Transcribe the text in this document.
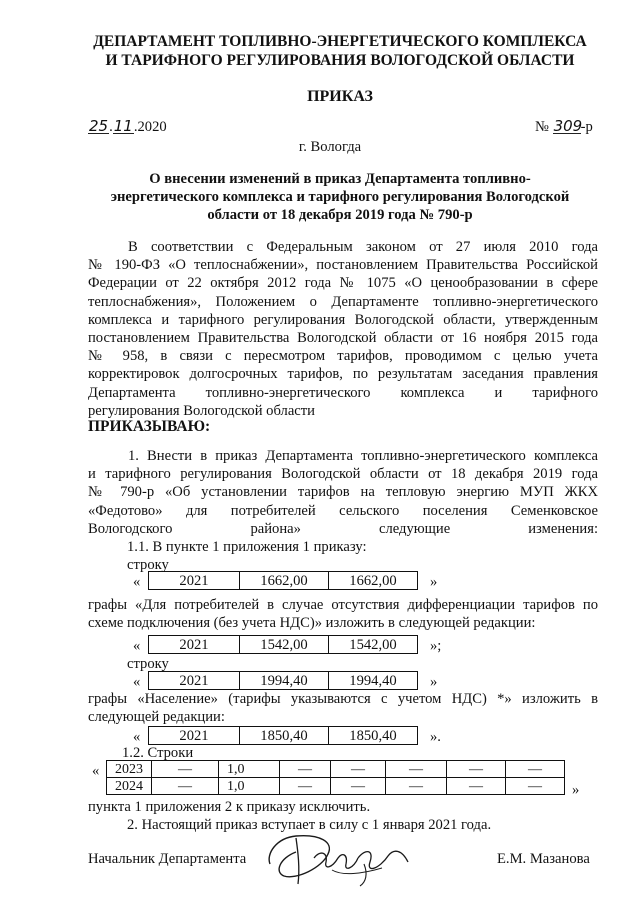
ДЕПАРТАМЕНТ ТОПЛИВНО-ЭНЕРГЕТИЧЕСКОГО КОМПЛЕКСА
И ТАРИФНОГО РЕГУЛИРОВАНИЯ ВОЛОГОДСКОЙ ОБЛАСТИ
ПРИКАЗ
25.11.2020	№ 309-р
г. Вологда
О внесении изменений в приказ Департамента топливно-
энергетического комплекса и тарифного регулирования Вологодской
области от 18 декабря 2019 года № 790-р
В соответствии с Федеральным законом от 27 июля 2010 года
№ 190-ФЗ «О теплоснабжении», постановлением Правительства Российской
Федерации от 22 октября 2012 года № 1075 «О ценообразовании в сфере
теплоснабжения», Положением о Департаменте топливно-энергетического
комплекса и тарифного регулирования Вологодской области, утвержденным
постановлением Правительства Вологодской области от 16 ноября 2015 года
№ 958, в связи с пересмотром тарифов, проводимом с целью учета
корректировок долгосрочных тарифов, по результатам заседания правления
Департамента топливно-энергетического комплекса и тарифного
регулирования Вологодской области
ПРИКАЗЫВАЮ:
1. Внести в приказ Департамента топливно-энергетического комплекса
и тарифного регулирования Вологодской области от 18 декабря 2019 года
№ 790-р «Об установлении тарифов на тепловую энергию МУП ЖКХ
«Федотово» для потребителей сельского поселения Семенковское
Вологодского района» следующие изменения:
1.1. В пункте 1 приложения 1 приказу:
строку
«	2021	1662,00	1662,00 »
графы «Для потребителей в случае отсутствия дифференциации тарифов по
схеме подключения (без учета НДС)» изложить в следующей редакции:
«	2021	1542,00	1542,00 »;
строку
«	2021	1994,40	1994,40 »
графы «Население» (тарифы указываются с учетом НДС) *» изложить в
следующей редакции:
«	2021	1850,40	1850,40 ».
1.2. Строки
« 2023	—	1,0	—	—	—	—	—
2024	—	1,0	—	—	—	—	— »
пункта 1 приложения 2 к приказу исключить.
2. Настоящий приказ вступает в силу с 1 января 2021 года.
Начальник Департамента	Е.М. Мазанова
